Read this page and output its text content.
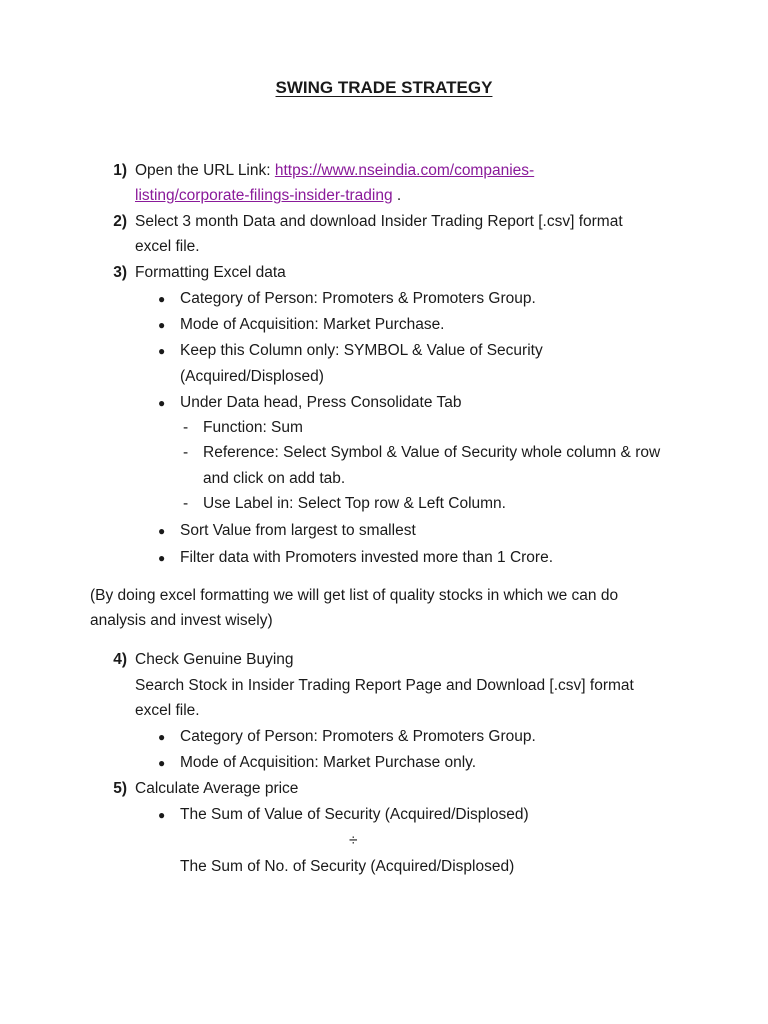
SWING TRADE STRATEGY
1) Open the URL Link: https://www.nseindia.com/companies-
listing/corporate-filings-insider-trading .
2) Select 3 month Data and download Insider Trading Report [.csv] format
excel file.
3) Formatting Excel data
● Category of Person: Promoters & Promoters Group.
● Mode of Acquisition: Market Purchase.
● Keep this Column only: SYMBOL & Value of Security
(Acquired/Displosed)
● Under Data head, Press Consolidate Tab
- Function: Sum
- Reference: Select Symbol & Value of Security whole column & row
and click on add tab.
- Use Label in: Select Top row & Left Column.
● Sort Value from largest to smallest
● Filter data with Promoters invested more than 1 Crore.
(By doing excel formatting we will get list of quality stocks in which we can do
analysis and invest wisely)
4) Check Genuine Buying
Search Stock in Insider Trading Report Page and Download [.csv] format
excel file.
● Category of Person: Promoters & Promoters Group.
● Mode of Acquisition: Market Purchase only.
5) Calculate Average price
● The Sum of Value of Security (Acquired/Displosed)
÷
The Sum of No. of Security (Acquired/Displosed)
